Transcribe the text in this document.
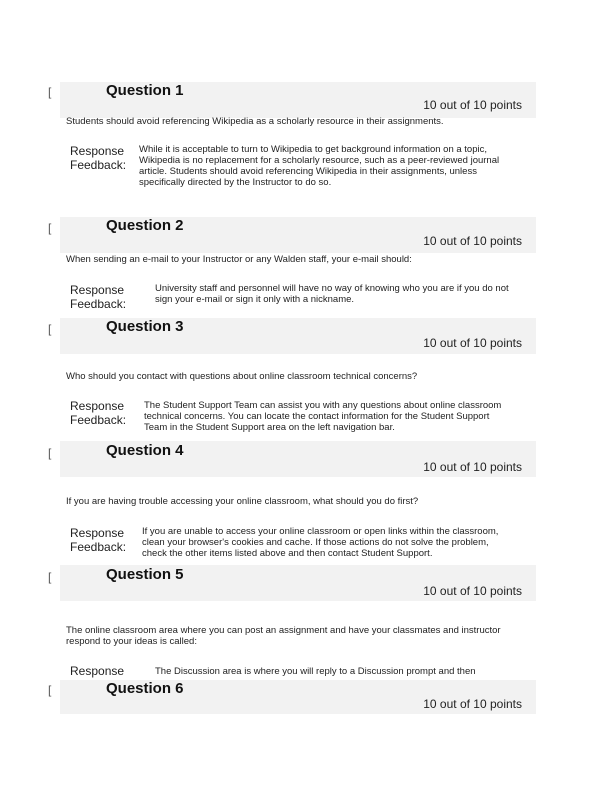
[	Question 1
10 out of 10 points
Students should avoid referencing Wikipedia as a scholarly resource in their assignments.
Response
Feedback:
While it is acceptable to turn to Wikipedia to get background information on a topic, Wikipedia is no replacement for a scholarly resource, such as a peer-reviewed journal article. Students should avoid referencing Wikipedia in their assignments, unless specifically directed by the Instructor to do so.
[	Question 2
10 out of 10 points
When sending an e-mail to your Instructor or any Walden staff, your e-mail should:
Response
Feedback:
University staff and personnel will have no way of knowing who you are if you do not sign your e-mail or sign it only with a nickname.
[	Question 3
10 out of 10 points
Who should you contact with questions about online classroom technical concerns?
Response
Feedback:
The Student Support Team can assist you with any questions about online classroom technical concerns. You can locate the contact information for the Student Support Team in the Student Support area on the left navigation bar.
[	Question 4
10 out of 10 points
If you are having trouble accessing your online classroom, what should you do first?
Response
Feedback:
If you are unable to access your online classroom or open links within the classroom, clean your browser's cookies and cache. If those actions do not solve the problem, check the other items listed above and then contact Student Support.
[	Question 5
10 out of 10 points
The online classroom area where you can post an assignment and have your classmates and instructor respond to your ideas is called:
Response	The Discussion area is where you will reply to a Discussion prompt and then
[	Question 6
10 out of 10 points
